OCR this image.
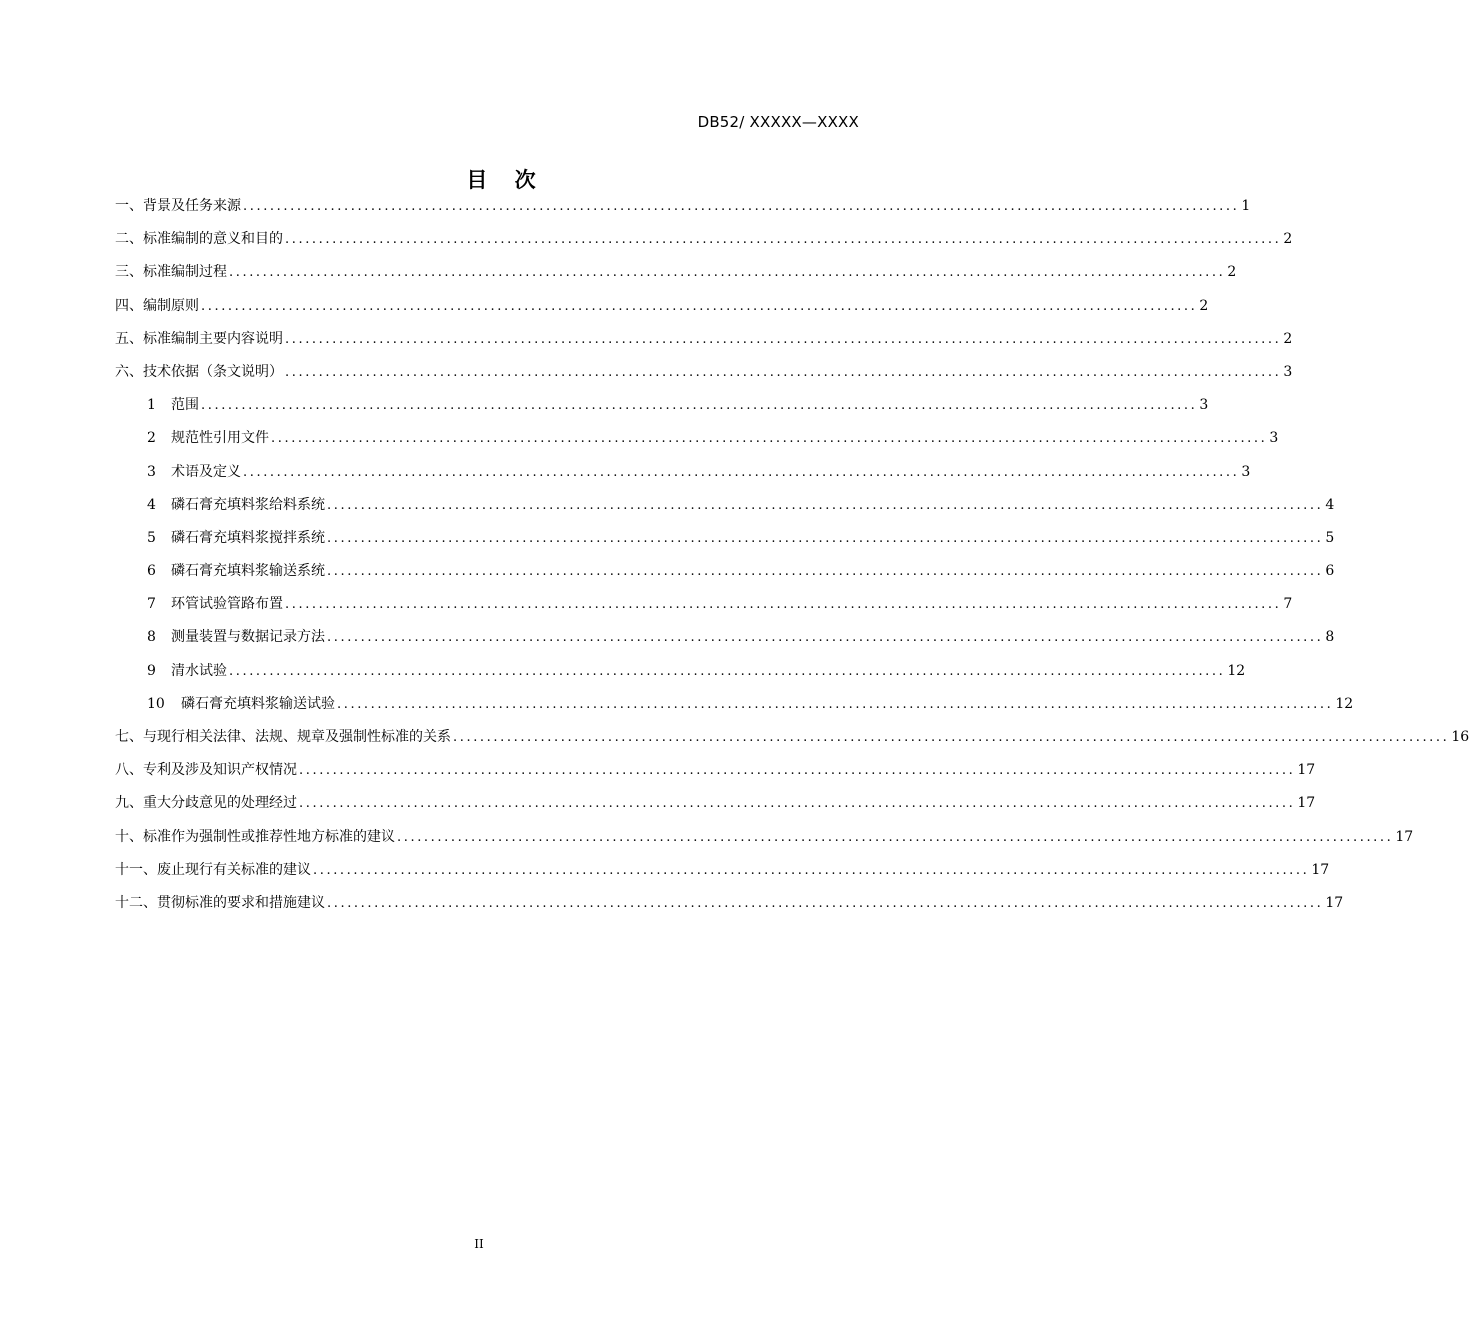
DB52/ XXXXX—XXXX
目 次
一、背景及任务来源 .................................................................................................................................................... 1
二、标准编制的意义和目的 .................................................................................................................................................... 2
三、标准编制过程 .................................................................................................................................................... 2
四、编制原则 .................................................................................................................................................... 2
五、标准编制主要内容说明 .................................................................................................................................................... 2
六、技术依据（条文说明） .................................................................................................................................................... 3
1 范围 .................................................................................................................................................... 3
2 规范性引用文件 .................................................................................................................................................... 3
3 术语及定义 .................................................................................................................................................... 3
4 磷石膏充填料浆给料系统 .................................................................................................................................................... 4
5 磷石膏充填料浆搅拌系统 .................................................................................................................................................... 5
6 磷石膏充填料浆输送系统 .................................................................................................................................................... 6
7 环管试验管路布置 .................................................................................................................................................... 7
8 测量装置与数据记录方法 .................................................................................................................................................... 8
9 清水试验 .................................................................................................................................................... 12
10 磷石膏充填料浆输送试验 .................................................................................................................................................... 12
七、与现行相关法律、法规、规章及强制性标准的关系 .................................................................................................................................................... 16
八、专利及涉及知识产权情况 .................................................................................................................................................... 17
九、重大分歧意见的处理经过 .................................................................................................................................................... 17
十、标准作为强制性或推荐性地方标准的建议 .................................................................................................................................................... 17
十一、废止现行有关标准的建议 .................................................................................................................................................... 17
十二、贯彻标准的要求和措施建议 .................................................................................................................................................... 17
II
